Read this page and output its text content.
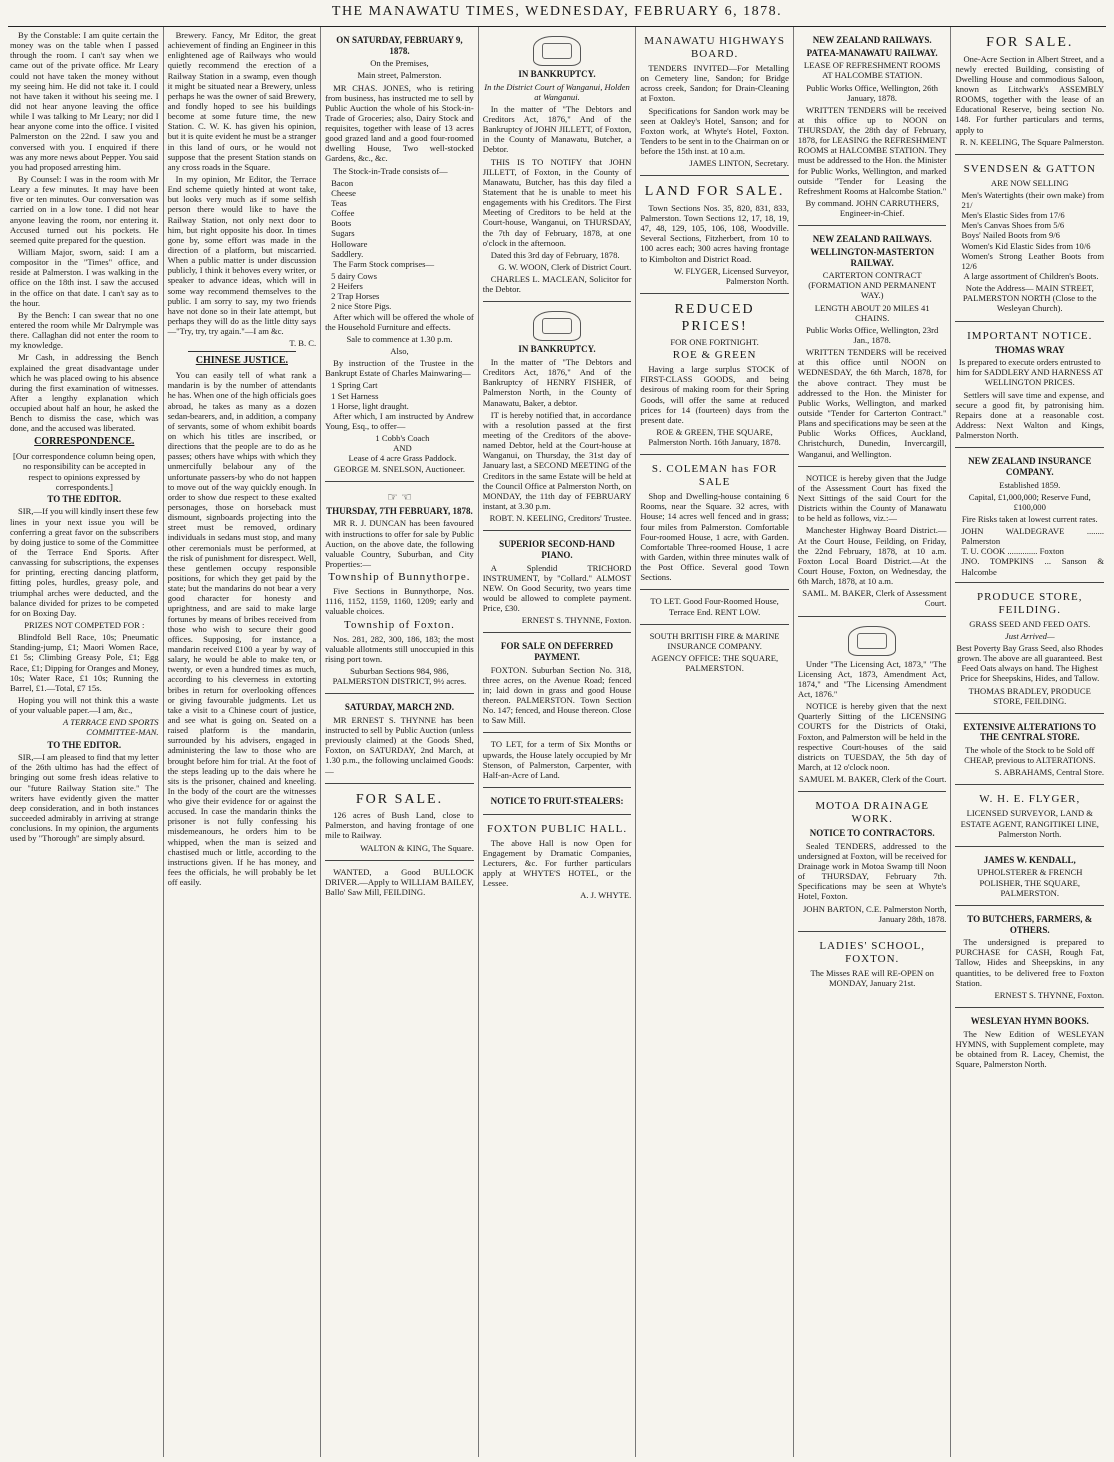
THE MANAWATU TIMES, WEDNESDAY, FEBRUARY 6, 1878.

By the Constable: I am quite certain the money was on the table when I passed through the room. I can't say when we came out of the private office. Mr Leary could not have taken the money without my seeing him. He did not take it. I could not have taken it without his seeing me. I did not hear anyone leaving the office while I was talking to Mr Leary; nor did I hear anyone come into the office. I visited Palmerston on the 22nd. I saw you and conversed with you. I enquired if there was any more news about Pepper. You said you had proposed arresting him.

By Counsel: I was in the room with Mr Leary a few minutes. It may have been five or ten minutes. Our conversation was carried on in a low tone. I did not hear anyone leaving the room, nor entering it. Accused turned out his pockets. He seemed quite prepared for the question.

William Major, sworn, said: I am a compositor in the "Times" office, and reside at Palmerston. I was walking in the office on the 18th inst. I saw the accused in the office on that date. I can't say as to the hour.

By the Bench: I can swear that no one entered the room while Mr Dalrymple was there. Callaghan did not enter the room to my knowledge.

Mr Cash, in addressing the Bench explained the great disadvantage under which he was placed owing to his absence during the first examination of witnesses. After a lengthy explanation which occupied about half an hour, he asked the Bench to dismiss the case, which was done, and the accused was liberated.

CORRESPONDENCE.

[Our correspondence column being open, no responsibility can be accepted in respect to opinions expressed by correspondents.]

TO THE EDITOR.

SIR,—If you will kindly insert these few lines in your next issue you will be conferring a great favor on the subscribers by doing justice to some of the Committee of the Terrace End Sports. After canvassing for subscriptions, the expenses for printing, erecting dancing platform, fitting poles, hurdles, greasy pole, and triumphal arches were deducted, and the balance divided for prizes to be competed for on Boxing Day.

PRIZES NOT COMPETED FOR :

Blindfold Bell Race, 10s; Pneumatic Standing-jump, £1; Maori Women Race, £1 5s; Climbing Greasy Pole, £1; Egg Race, £1; Dipping for Oranges and Money, 10s; Water Race, £1 10s; Running the Barrel, £1.—Total, £7 15s.

Hoping you will not think this a waste of your valuable paper.—I am, &c.,

A TERRACE END SPORTS COMMITTEE-MAN.

TO THE EDITOR.

SIR,—I am pleased to find that my letter of the 26th ultimo has had the effect of bringing out some fresh ideas relative to our "future Railway Station site." The writers have evidently given the matter deep consideration, and in both instances succeeded admirably in arriving at strange conclusions. In my opinion, the arguments used by "Thorough" are simply absurd.

Brewery. Fancy, Mr Editor, the great achievement of finding an Engineer in this enlightened age of Railways who would quietly recommend the erection of a Railway Station in a swamp, even though it might be situated near a Brewery, unless perhaps he was the owner of said Brewery, and fondly hoped to see his buildings become at some future time, the new Station. C. W. K. has given his opinion, but it is quite evident he must be a stranger in this land of ours, or he would not suppose that the present Station stands on any cross roads in the Square.

In my opinion, Mr Editor, the Terrace End scheme quietly hinted at wont take, but looks very much as if some selfish person there would like to have the Railway Station, not only next door to him, but right opposite his door. In times gone by, some effort was made in the direction of a platform, but miscarried. When a public matter is under discussion publicly, I think it behoves every writer, or speaker to advance ideas, which will in some way recommend themselves to the public. I am sorry to say, my two friends have not done so in their late attempt, but perhaps they will do as the little ditty says—"Try, try, try again."—I am &c.

T. B. C.

CHINESE JUSTICE.

You can easily tell of what rank a mandarin is by the number of attendants he has. When one of the high officials goes abroad, he takes as many as a dozen sedan-bearers, and, in addition, a company of servants, some of whom exhibit boards on which his titles are inscribed, or directions that the people are to do as he passes; others have whips with which they unmercifully belabour any of the unfortunate passers-by who do not happen to move out of the way quickly enough. In order to show due respect to these exalted personages, those on horseback must dismount, signboards projecting into the street must be removed, ordinary individuals in sedans must stop, and many other ceremonials must be performed, at the risk of punishment for disrespect. Well, these gentlemen occupy responsible positions, for which they get paid by the state; but the mandarins do not bear a very good character for honesty and uprightness, and are said to make large fortunes by means of bribes received from those who wish to secure their good offices. Supposing, for instance, a mandarin received £100 a year by way of salary, he would be able to make ten, or twenty, or even a hundred times as much, according to his cleverness in extorting bribes in return for overlooking offences or giving favourable judgments. Let us take a visit to a Chinese court of justice, and see what is going on. Seated on a raised platform is the mandarin, surrounded by his advisers, engaged in administering the law to those who are brought before him for trial. At the foot of the steps leading up to the dais where he sits is the prisoner, chained and kneeling. In the body of the court are the witnesses who give their evidence for or against the accused. In case the mandarin thinks the prisoner is not fully confessing his misdemeanours, he orders him to be whipped, when the man is seized and chastised much or little, according to the instructions given. If he has money, and fees the officials, he will probably be let off easily.

ON SATURDAY, FEBRUARY 9, 1878.

On the Premises,

Main street, Palmerston.

MR CHAS. JONES, who is retiring from business, has instructed me to sell by Public Auction the whole of his Stock-in-Trade of Groceries; also, Dairy Stock and requisites, together with lease of 13 acres good grazed land and a good four-roomed dwelling House, Two well-stocked Gardens, &c., &c.

The Stock-in-Trade consists of—

Bacon
Cheese
Teas
Coffee
Boots
Sugars
Holloware
Saddlery.

The Farm Stock comprises—

5 dairy Cows
2 Heifers
2 Trap Horses
2 nice Store Pigs.

After which will be offered the whole of the Household Furniture and effects.

Sale to commence at 1.30 p.m.

Also,

By instruction of the Trustee in the Bankrupt Estate of Charles Mainwaring—

1 Spring Cart
1 Set Harness
1 Horse, light draught.

After which, I am instructed by Andrew Young, Esq., to offer—

1 Cobb's Coach
AND
Lease of 4 acre Grass Paddock.

GEORGE M. SNELSON, Auctioneer.

☞ ☜
THURSDAY, 7TH FEBRUARY, 1878.

MR R. J. DUNCAN has been favoured with instructions to offer for sale by Public Auction, on the above date, the following valuable Country, Suburban, and City Properties:—

Township of Bunnythorpe.

Five Sections in Bunnythorpe, Nos. 1116, 1152, 1159, 1160, 1209; early and valuable choices.

Township of Foxton.

Nos. 281, 282, 300, 186, 183; the most valuable allotments still unoccupied in this rising port town.

Suburban Sections 984, 986, PALMERSTON DISTRICT, 9½ acres.

SATURDAY, MARCH 2ND.

MR ERNEST S. THYNNE has been instructed to sell by Public Auction (unless previously claimed) at the Goods Shed, Foxton, on SATURDAY, 2nd March, at 1.30 p.m., the following unclaimed Goods:—

FOR SALE.

126 acres of Bush Land, close to Palmerston, and having frontage of one mile to Railway.

WALTON & KING, The Square.

WANTED, a Good BULLOCK DRIVER.—Apply to WILLIAM BAILEY, Ballo' Saw Mill, FEILDING.

IN BANKRUPTCY.

In the District Court of Wanganui, Holden at Wanganui.

In the matter of "The Debtors and Creditors Act, 1876," And of the Bankruptcy of JOHN JILLETT, of Foxton, in the County of Manawatu, Butcher, a Debtor.

THIS IS TO NOTIFY that JOHN JILLETT, of Foxton, in the County of Manawatu, Butcher, has this day filed a Statement that he is unable to meet his engagements with his Creditors. The First Meeting of Creditors to be held at the Court-house, Wanganui, on THURSDAY, the 7th day of February, 1878, at one o'clock in the afternoon.

Dated this 3rd day of February, 1878.

G. W. WOON, Clerk of District Court.

CHARLES L. MACLEAN, Solicitor for the Debtor.

IN BANKRUPTCY.

In the matter of "The Debtors and Creditors Act, 1876," And of the Bankruptcy of HENRY FISHER, of Palmerston North, in the County of Manawatu, Baker, a debtor.

IT is hereby notified that, in accordance with a resolution passed at the first meeting of the Creditors of the above-named Debtor, held at the Court-house at Wanganui, on Thursday, the 31st day of January last, a SECOND MEETING of the Creditors in the same Estate will be held at the Council Office at Palmerston North, on MONDAY, the 11th day of FEBRUARY instant, at 3.30 p.m.

ROBT. N. KEELING, Creditors' Trustee.

SUPERIOR SECOND-HAND PIANO.

A Splendid TRICHORD INSTRUMENT, by "Collard." ALMOST NEW. On Good Security, two years time would be allowed to complete payment. Price, £30.

ERNEST S. THYNNE, Foxton.

FOR SALE ON DEFERRED PAYMENT.

FOXTON. Suburban Section No. 318, three acres, on the Avenue Road; fenced in; laid down in grass and good House thereon. PALMERSTON. Town Section No. 147; fenced, and House thereon. Close to Saw Mill.

TO LET, for a term of Six Months or upwards, the House lately occupied by Mr Stenson, of Palmerston, Carpenter, with Half-an-Acre of Land.

NOTICE TO FRUIT-STEALERS:
FOXTON PUBLIC HALL.

The above Hall is now Open for Engagement by Dramatic Companies, Lecturers, &c. For further particulars apply at WHYTE'S HOTEL, or the Lessee.

A. J. WHYTE.

MANAWATU HIGHWAYS BOARD.

TENDERS INVITED—For Metalling on Cemetery line, Sandon; for Bridge across creek, Sandon; for Drain-Cleaning at Foxton.

Specifications for Sandon work may be seen at Oakley's Hotel, Sanson; and for Foxton work, at Whyte's Hotel, Foxton. Tenders to be sent in to the Chairman on or before the 15th inst. at 10 a.m.

JAMES LINTON, Secretary.

LAND FOR SALE.

Town Sections Nos. 35, 820, 831, 833, Palmerston. Town Sections 12, 17, 18, 19, 47, 48, 129, 105, 106, 108, Woodville. Several Sections, Fitzherbert, from 10 to 100 acres each; 300 acres having frontage to Kimbolton and District Road.

W. FLYGER, Licensed Surveyor, Palmerston North.

REDUCED PRICES!

FOR ONE FORTNIGHT.

ROE & GREEN

Having a large surplus STOCK of FIRST-CLASS GOODS, and being desirous of making room for their Spring Goods, will offer the same at reduced prices for 14 (fourteen) days from the present date.

ROE & GREEN, THE SQUARE, Palmerston North. 16th January, 1878.

S. COLEMAN has FOR SALE

Shop and Dwelling-house containing 6 Rooms, near the Square. 32 acres, with House; 14 acres well fenced and in grass; four miles from Palmerston. Comfortable Four-roomed House, 1 acre, with Garden. Comfortable Three-roomed House, 1 acre with Garden, within three minutes walk of the Post Office. Several good Town Sections.

TO LET. Good Four-Roomed House, Terrace End. RENT LOW.

SOUTH BRITISH FIRE & MARINE INSURANCE COMPANY.

AGENCY OFFICE: THE SQUARE, PALMERSTON.

NEW ZEALAND RAILWAYS.
PATEA-MANAWATU RAILWAY.

LEASE OF REFRESHMENT ROOMS AT HALCOMBE STATION.

Public Works Office, Wellington, 26th January, 1878.

WRITTEN TENDERS will be received at this office up to NOON on THURSDAY, the 28th day of February, 1878, for LEASING the REFRESHMENT ROOMS at HALCOMBE STATION. They must be addressed to the Hon. the Minister for Public Works, Wellington, and marked outside "Tender for Leasing the Refreshment Rooms at Halcombe Station."

By command. JOHN CARRUTHERS, Engineer-in-Chief.

NEW ZEALAND RAILWAYS.
WELLINGTON-MASTERTON RAILWAY.

CARTERTON CONTRACT (FORMATION AND PERMANENT WAY.)

LENGTH ABOUT 20 MILES 41 CHAINS.

Public Works Office, Wellington, 23rd Jan., 1878.

WRITTEN TENDERS will be received at this office until NOON on WEDNESDAY, the 6th March, 1878, for the above contract. They must be addressed to the Hon. the Minister for Public Works, Wellington, and marked outside "Tender for Carterton Contract." Plans and specifications may be seen at the Public Works Offices, Auckland, Christchurch, Dunedin, Invercargill, Wanganui, and Wellington.

NOTICE is hereby given that the Judge of the Assessment Court has fixed the Next Sittings of the said Court for the Districts within the County of Manawatu to be held as follows, viz.:—

Manchester Highway Board District.—At the Court House, Feilding, on Friday, the 22nd February, 1878, at 10 a.m. Foxton Local Board District.—At the Court House, Foxton, on Wednesday, the 6th March, 1878, at 10 a.m.

SAML. M. BAKER, Clerk of Assessment Court.

Under "The Licensing Act, 1873," "The Licensing Act, 1873, Amendment Act, 1874," and "The Licensing Amendment Act, 1876."

NOTICE is hereby given that the next Quarterly Sitting of the LICENSING COURTS for the Districts of Otaki, Foxton, and Palmerston will be held in the respective Court-houses of the said districts on TUESDAY, the 5th day of March, at 12 o'clock noon.

SAMUEL M. BAKER, Clerk of the Court.

MOTOA DRAINAGE WORK.
NOTICE TO CONTRACTORS.

Sealed TENDERS, addressed to the undersigned at Foxton, will be received for Drainage work in Motoa Swamp till Noon of THURSDAY, February 7th. Specifications may be seen at Whyte's Hotel, Foxton.

JOHN BARTON, C.E. Palmerston North, January 28th, 1878.

LADIES' SCHOOL, FOXTON.

The Misses RAE will RE-OPEN on MONDAY, January 21st.

FOR SALE.

One-Acre Section in Albert Street, and a newly erected Building, consisting of Dwelling House and commodious Saloon, known as Litchwark's ASSEMBLY ROOMS, together with the lease of an Educational Reserve, being section No. 148. For further particulars and terms, apply to

R. N. KEELING, The Square Palmerston.

SVENDSEN & GATTON

ARE NOW SELLING

Men's Watertights (their own make) from 21/
Men's Elastic Sides from 17/6
Men's Canvas Shoes from 5/6
Boys' Nailed Boots from 9/6
Women's Kid Elastic Sides from 10/6
Women's Strong Leather Boots from 12/6

A large assortment of Children's Boots.

Note the Address— MAIN STREET, PALMERSTON NORTH (Close to the Wesleyan Church).

IMPORTANT NOTICE.
THOMAS WRAY

Is prepared to execute orders entrusted to him for SADDLERY AND HARNESS AT WELLINGTON PRICES.

Settlers will save time and expense, and secure a good fit, by patronising him. Repairs done at a reasonable cost. Address: Next Walton and Kings, Palmerston North.

NEW ZEALAND INSURANCE COMPANY.

Established 1859.

Capital, £1,000,000; Reserve Fund, £100,000

Fire Risks taken at lowest current rates.

JOHN WALDEGRAVE ........ Palmerston
T. U. COOK .............. Foxton
JNO. TOMPKINS ... Sanson & Halcombe
PRODUCE STORE, FEILDING.

GRASS SEED AND FEED OATS.

Just Arrived—

Best Poverty Bay Grass Seed, also Rhodes grown. The above are all guaranteed. Best Feed Oats always on hand. The Highest Price for Sheepskins, Hides, and Tallow.

THOMAS BRADLEY, PRODUCE STORE, FEILDING.

EXTENSIVE ALTERATIONS TO THE CENTRAL STORE.

The whole of the Stock to be Sold off CHEAP, previous to ALTERATIONS.

S. ABRAHAMS, Central Store.

W. H. E. FLYGER,

LICENSED SURVEYOR, LAND & ESTATE AGENT, RANGITIKEI LINE, Palmerston North.

JAMES W. KENDALL,

UPHOLSTERER & FRENCH POLISHER, THE SQUARE, PALMERSTON.

TO BUTCHERS, FARMERS, & OTHERS.

The undersigned is prepared to PURCHASE for CASH, Rough Fat, Tallow, Hides and Sheepskins, in any quantities, to be delivered free to Foxton Station.

ERNEST S. THYNNE, Foxton.

WESLEYAN HYMN BOOKS.

The New Edition of WESLEYAN HYMNS, with Supplement complete, may be obtained from R. Lacey, Chemist, the Square, Palmerston North.
